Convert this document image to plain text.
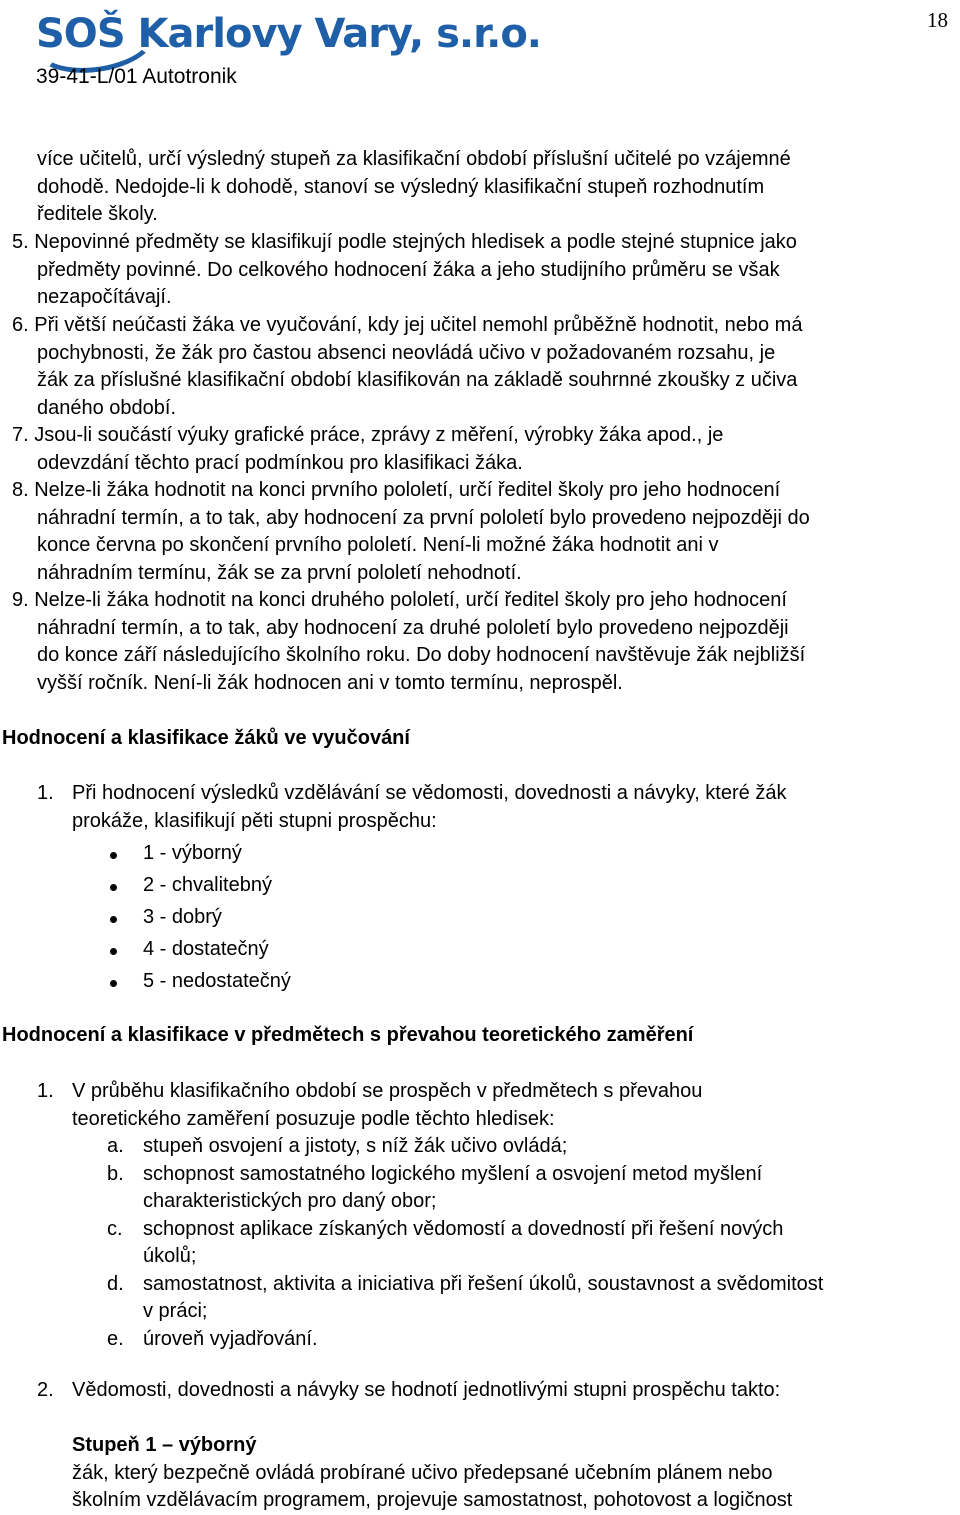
SOŠ Karlovy Vary, s.r.o.
39-41-L/01 Autotronik
18

více učitelů, určí výsledný stupeň za klasifikační období příslušní učitelé po vzájemné

dohodě. Nedojde-li k dohodě, stanoví se výsledný klasifikační stupeň rozhodnutím

ředitele školy.

5. Nepovinné předměty se klasifikují podle stejných hledisek a podle stejné stupnice jako

předměty povinné. Do celkového hodnocení žáka a jeho studijního průměru se však

nezapočítávají.

6. Při větší neúčasti žáka ve vyučování, kdy jej učitel nemohl průběžně hodnotit, nebo má

pochybnosti, že žák pro častou absenci neovládá učivo v požadovaném rozsahu, je

žák za příslušné klasifikační období klasifikován na základě souhrnné zkoušky z učiva

daného období.

7. Jsou-li součástí výuky grafické práce, zprávy z měření, výrobky žáka apod., je

odevzdání těchto prací podmínkou pro klasifikaci žáka.

8. Nelze-li žáka hodnotit na konci prvního pololetí, určí ředitel školy pro jeho hodnocení

náhradní termín, a to tak, aby hodnocení za první pololetí bylo provedeno nejpozději do

konce června po skončení prvního pololetí. Není-li možné žáka hodnotit ani v

náhradním termínu, žák se za první pololetí nehodnotí.

9. Nelze-li žáka hodnotit na konci druhého pololetí, určí ředitel školy pro jeho hodnocení

náhradní termín, a to tak, aby hodnocení za druhé pololetí bylo provedeno nejpozději

do konce září následujícího školního roku. Do doby hodnocení navštěvuje žák nejbližší

vyšší ročník. Není-li žák hodnocen ani v tomto termínu, neprospěl.

Hodnocení a klasifikace žáků ve vyučování
1. Při hodnocení výsledků vzdělávání se vědomosti, dovednosti a návyky, které žák

prokáže, klasifikují pěti stupni prospěchu:

1 - výborný

2 - chvalitebný

3 - dobrý

4 - dostatečný

5 - nedostatečný

Hodnocení a klasifikace v předmětech s převahou teoretického zaměření
1. V průběhu klasifikačního období se prospěch v předmětech s převahou

teoretického zaměření posuzuje podle těchto hledisek:

a. stupeň osvojení a jistoty, s níž žák učivo ovládá;

b. schopnost samostatného logického myšlení a osvojení metod myšlení

charakteristických pro daný obor;

c. schopnost aplikace získaných vědomostí a dovedností při řešení nových

úkolů;

d. samostatnost, aktivita a iniciativa při řešení úkolů, soustavnost a svědomitost

v práci;

e. úroveň vyjadřování.

2. Vědomosti, dovednosti a návyky se hodnotí jednotlivými stupni prospěchu takto:

Stupeň 1 – výborný

žák, který bezpečně ovládá probírané učivo předepsané učebním plánem nebo

školním vzdělávacím programem, projevuje samostatnost, pohotovost a logičnost
